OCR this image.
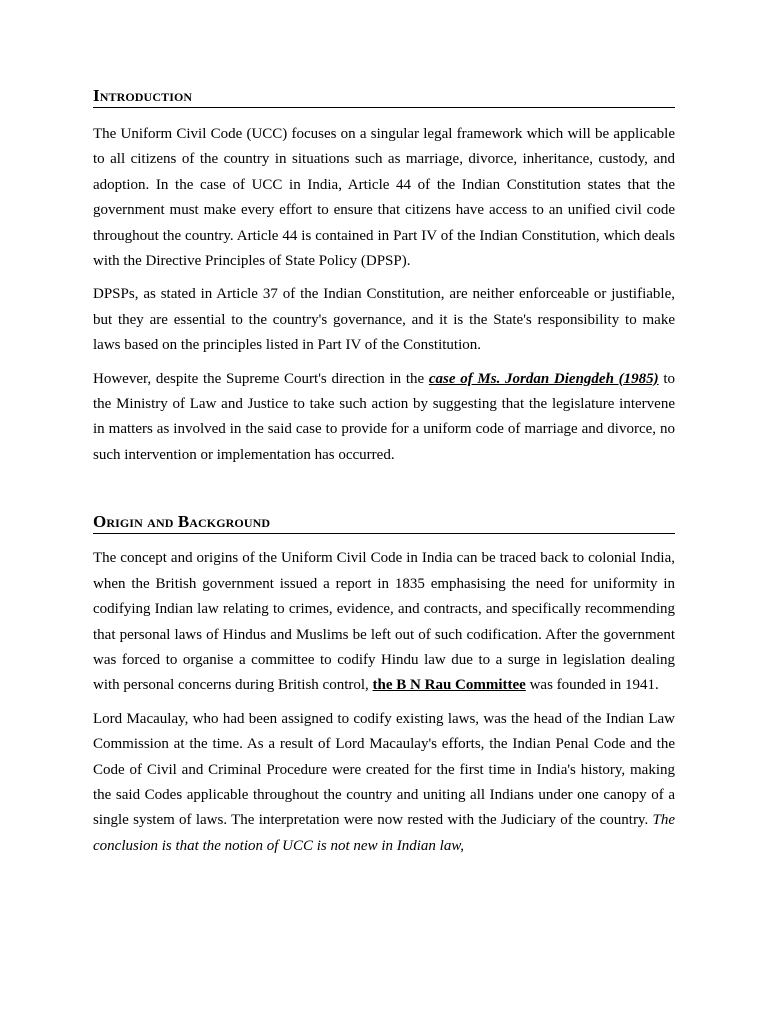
Introduction

The Uniform Civil Code (UCC) focuses on a singular legal framework which will be applicable to all citizens of the country in situations such as marriage, divorce, inheritance, custody, and adoption. In the case of UCC in India, Article 44 of the Indian Constitution states that the government must make every effort to ensure that citizens have access to an unified civil code throughout the country. Article 44 is contained in Part IV of the Indian Constitution, which deals with the Directive Principles of State Policy (DPSP).

DPSPs, as stated in Article 37 of the Indian Constitution, are neither enforceable or justifiable, but they are essential to the country's governance, and it is the State's responsibility to make laws based on the principles listed in Part IV of the Constitution.

However, despite the Supreme Court's direction in the case of Ms. Jordan Diengdeh (1985) to the Ministry of Law and Justice to take such action by suggesting that the legislature intervene in matters as involved in the said case to provide for a uniform code of marriage and divorce, no such intervention or implementation has occurred.

Origin and Background

The concept and origins of the Uniform Civil Code in India can be traced back to colonial India, when the British government issued a report in 1835 emphasising the need for uniformity in codifying Indian law relating to crimes, evidence, and contracts, and specifically recommending that personal laws of Hindus and Muslims be left out of such codification. After the government was forced to organise a committee to codify Hindu law due to a surge in legislation dealing with personal concerns during British control, the B N Rau Committee was founded in 1941.

Lord Macaulay, who had been assigned to codify existing laws, was the head of the Indian Law Commission at the time. As a result of Lord Macaulay's efforts, the Indian Penal Code and the Code of Civil and Criminal Procedure were created for the first time in India's history, making the said Codes applicable throughout the country and uniting all Indians under one canopy of a single system of laws. The interpretation were now rested with the Judiciary of the country. The conclusion is that the notion of UCC is not new in Indian law,
